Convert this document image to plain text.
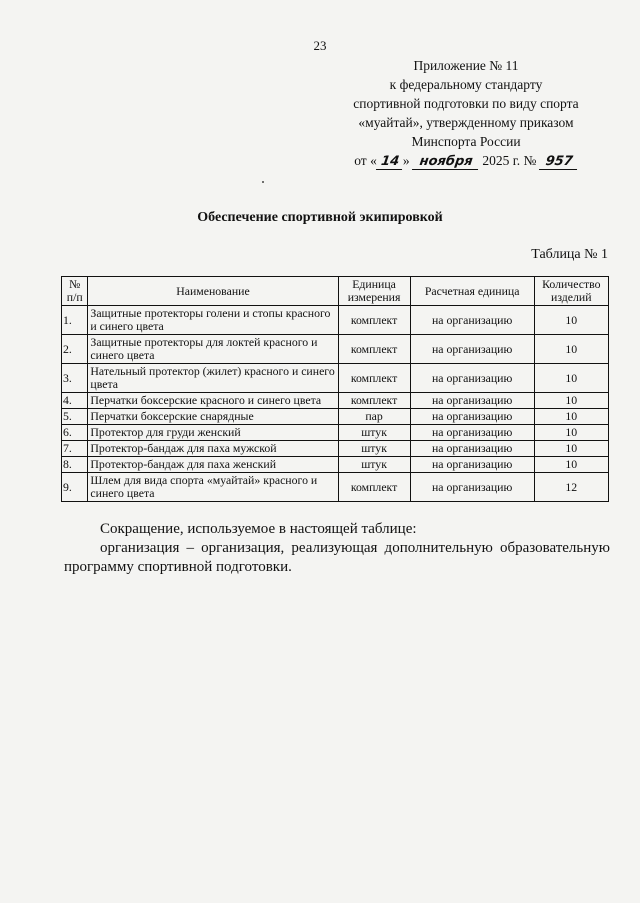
23
Приложение № 11
к федеральному стандарту
спортивной подготовки по виду спорта
«муайтай», утвержденному приказом
Минспорта России
от « 14 » ноября 2025 г. № 957
Обеспечение спортивной экипировкой
Таблица № 1
№ п/п	Наименование	Единица измерения	Расчетная единица	Количество изделий
1.	Защитные протекторы голени и стопы красного и синего цвета	комплект	на организацию	10
2.	Защитные протекторы для локтей красного и синего цвета	комплект	на организацию	10
3.	Нательный протектор (жилет) красного и синего цвета	комплект	на организацию	10
4.	Перчатки боксерские красного и синего цвета	комплект	на организацию	10
5.	Перчатки боксерские снарядные	пар	на организацию	10
6.	Протектор для груди женский	штук	на организацию	10
7.	Протектор-бандаж для паха мужской	штук	на организацию	10
8.	Протектор-бандаж для паха женский	штук	на организацию	10
9.	Шлем для вида спорта «муайтай» красного и синего цвета	комплект	на организацию	12

Сокращение, используемое в настоящей таблице:

организация – организация, реализующая дополнительную образовательную программу спортивной подготовки.
